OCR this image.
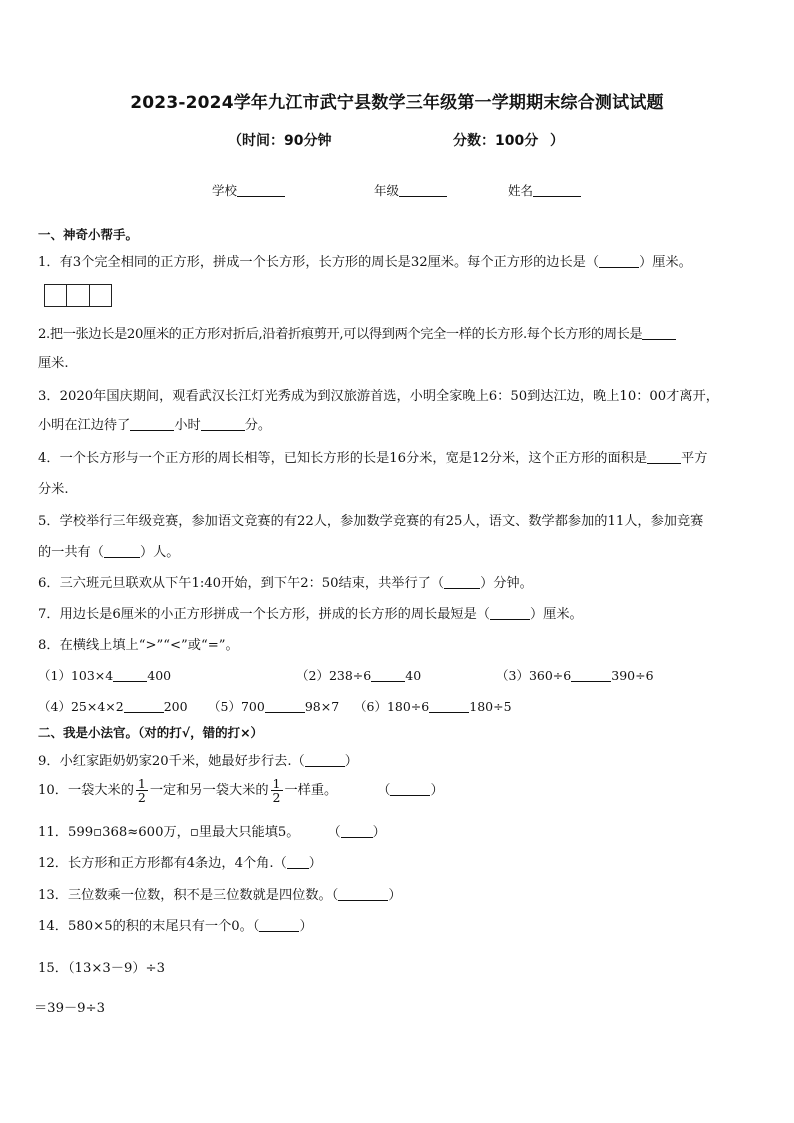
2023-2024学年九江市武宁县数学三年级第一学期期末综合测试试题
（ 时间：90分钟	分数：100分 ）
学校	年级	姓名
一、神奇小帮手。
1．有3个完全相同的正方形，拼成一个长方形，长方形的周长是32厘米。每个正方形的边长是（	）厘米。
2.把一张边长是20厘米的正方形对折后,沿着折痕剪开,可以得到两个完全一样的长方形.每个长方形的周长是
厘米.
3．2020年国庆期间，观看武汉长江灯光秀成为到汉旅游首选，小明全家晚上6：50到达江边，晚上10：00才离开，
小明在江边待了	小时	分。
4．一个长方形与一个正方形的周长相等，已知长方形的长是16分米，宽是12分米，这个正方形的面积是	平方
分米.
5．学校举行三年级竞赛，参加语文竞赛的有22人，参加数学竞赛的有25人，语文、数学都参加的11人，参加竞赛
的一共有（	）人。
6．三六班元旦联欢从下午1:40开始，到下午2：50结束，共举行了（	）分钟。
7．用边长是6厘米的小正方形拼成一个长方形，拼成的长方形的周长最短是（	）厘米。
8．在横线上填上“>”“<”或“=”。
（1）103×4	400	（2）238÷6	40	（3）360÷6	390÷6
（4）25×4×2	200 （5）700	98×7 （6）180÷6	180÷5
二、我是小法官。（对的打√，错的打×）
9．小红家距奶奶家20千米，她最好步行去.（	）
10．一袋大米的 $\frac{1}{2}$ 一定和另一袋大米的 $\frac{1}{2}$ 一样重。	（	）
11．599▫368≈600万，▫里最大只能填5。 （ ）
12．长方形和正方形都有4条边，4个角.（ ）
13．三位数乘一位数，积不是三位数就是四位数。（	）
14．580×5的积的末尾只有一个0。（	）
15．（13×3－9）÷3
＝39－9÷3
